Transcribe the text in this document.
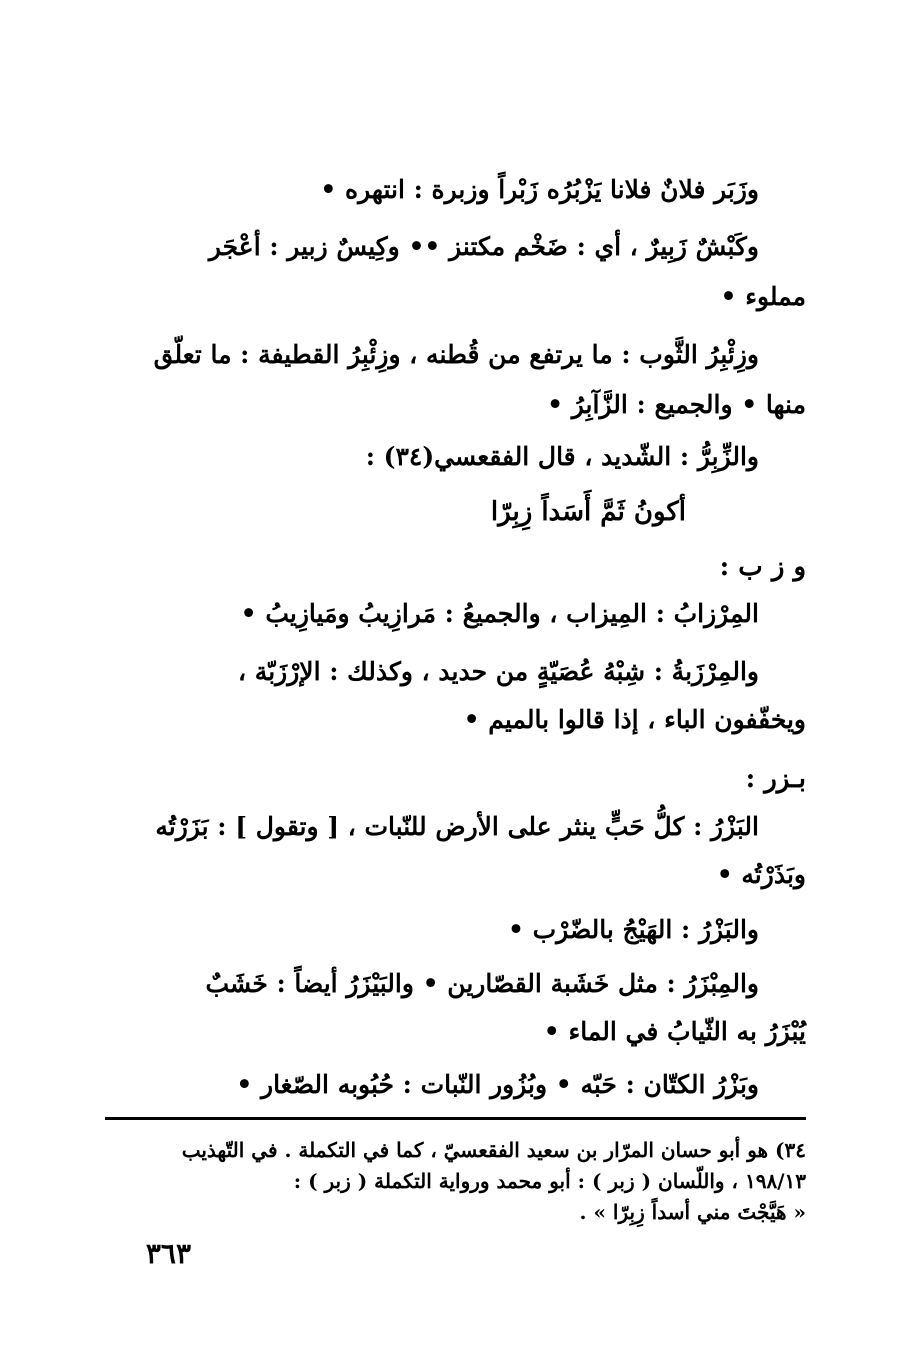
وزَبَر فلانٌ فلانا يَزْبُرُه زَبْراً وزبرة : انتهره •
وكَبْشٌ زَبِيرٌ ، أي : ضَخْم مكتنز •• وكِيسٌ زبير : أعْجَر
مملوء •
وزِئْبِرُ الثَّوب : ما يرتفع من قُطنه ، وزِئْبِرُ القطيفة : ما تعلّق
منها • والجميع : الزَّآبِرُ •
والزِّبِرُّ : الشّديد ، قال الفقعسي(٣٤) :
أكونُ ثَمَّ أَسَداً زِبِرّا
و ز ب :
المِرْزابُ : المِيزاب ، والجميعُ : مَرازِيبُ ومَيازِيبُ •
والمِرْزَبةُ : شِبْهُ عُصَيّةٍ من حديد ، وكذلك : الإرْزَبّة ،
ويخفّفون الباء ، إذا قالوا بالميم •
بـزر :
البَزْرُ : كلُّ حَبٍّ ينثر على الأرض للنّبات ، [ وتقول ] : بَزَرْتُه
وبَذَرْتُه •
والبَزْرُ : الهَيْجُ بالضّرْب •
والمِبْزَرُ : مثل خَشَبة القصّارين • والبَيْزَرُ أيضاً : خَشَبٌ
يُبْزَرُ به الثّيابُ في الماء •
وبَزْرُ الكتّان : حَبّه • وبُزُور النّبات : حُبُوبه الصّغار •
٣٤) هو أبو حسان المرّار بن سعيد الفقعسيّ ، كما في التكملة . في التّهذيب
١٩٨/١٣ ، واللّسان ( زبر ) : أبو محمد ورواية التكملة ( زبر ) :
« هَيَّجْتَ مني أسداً زِبِرّا » .
٣٦٣
